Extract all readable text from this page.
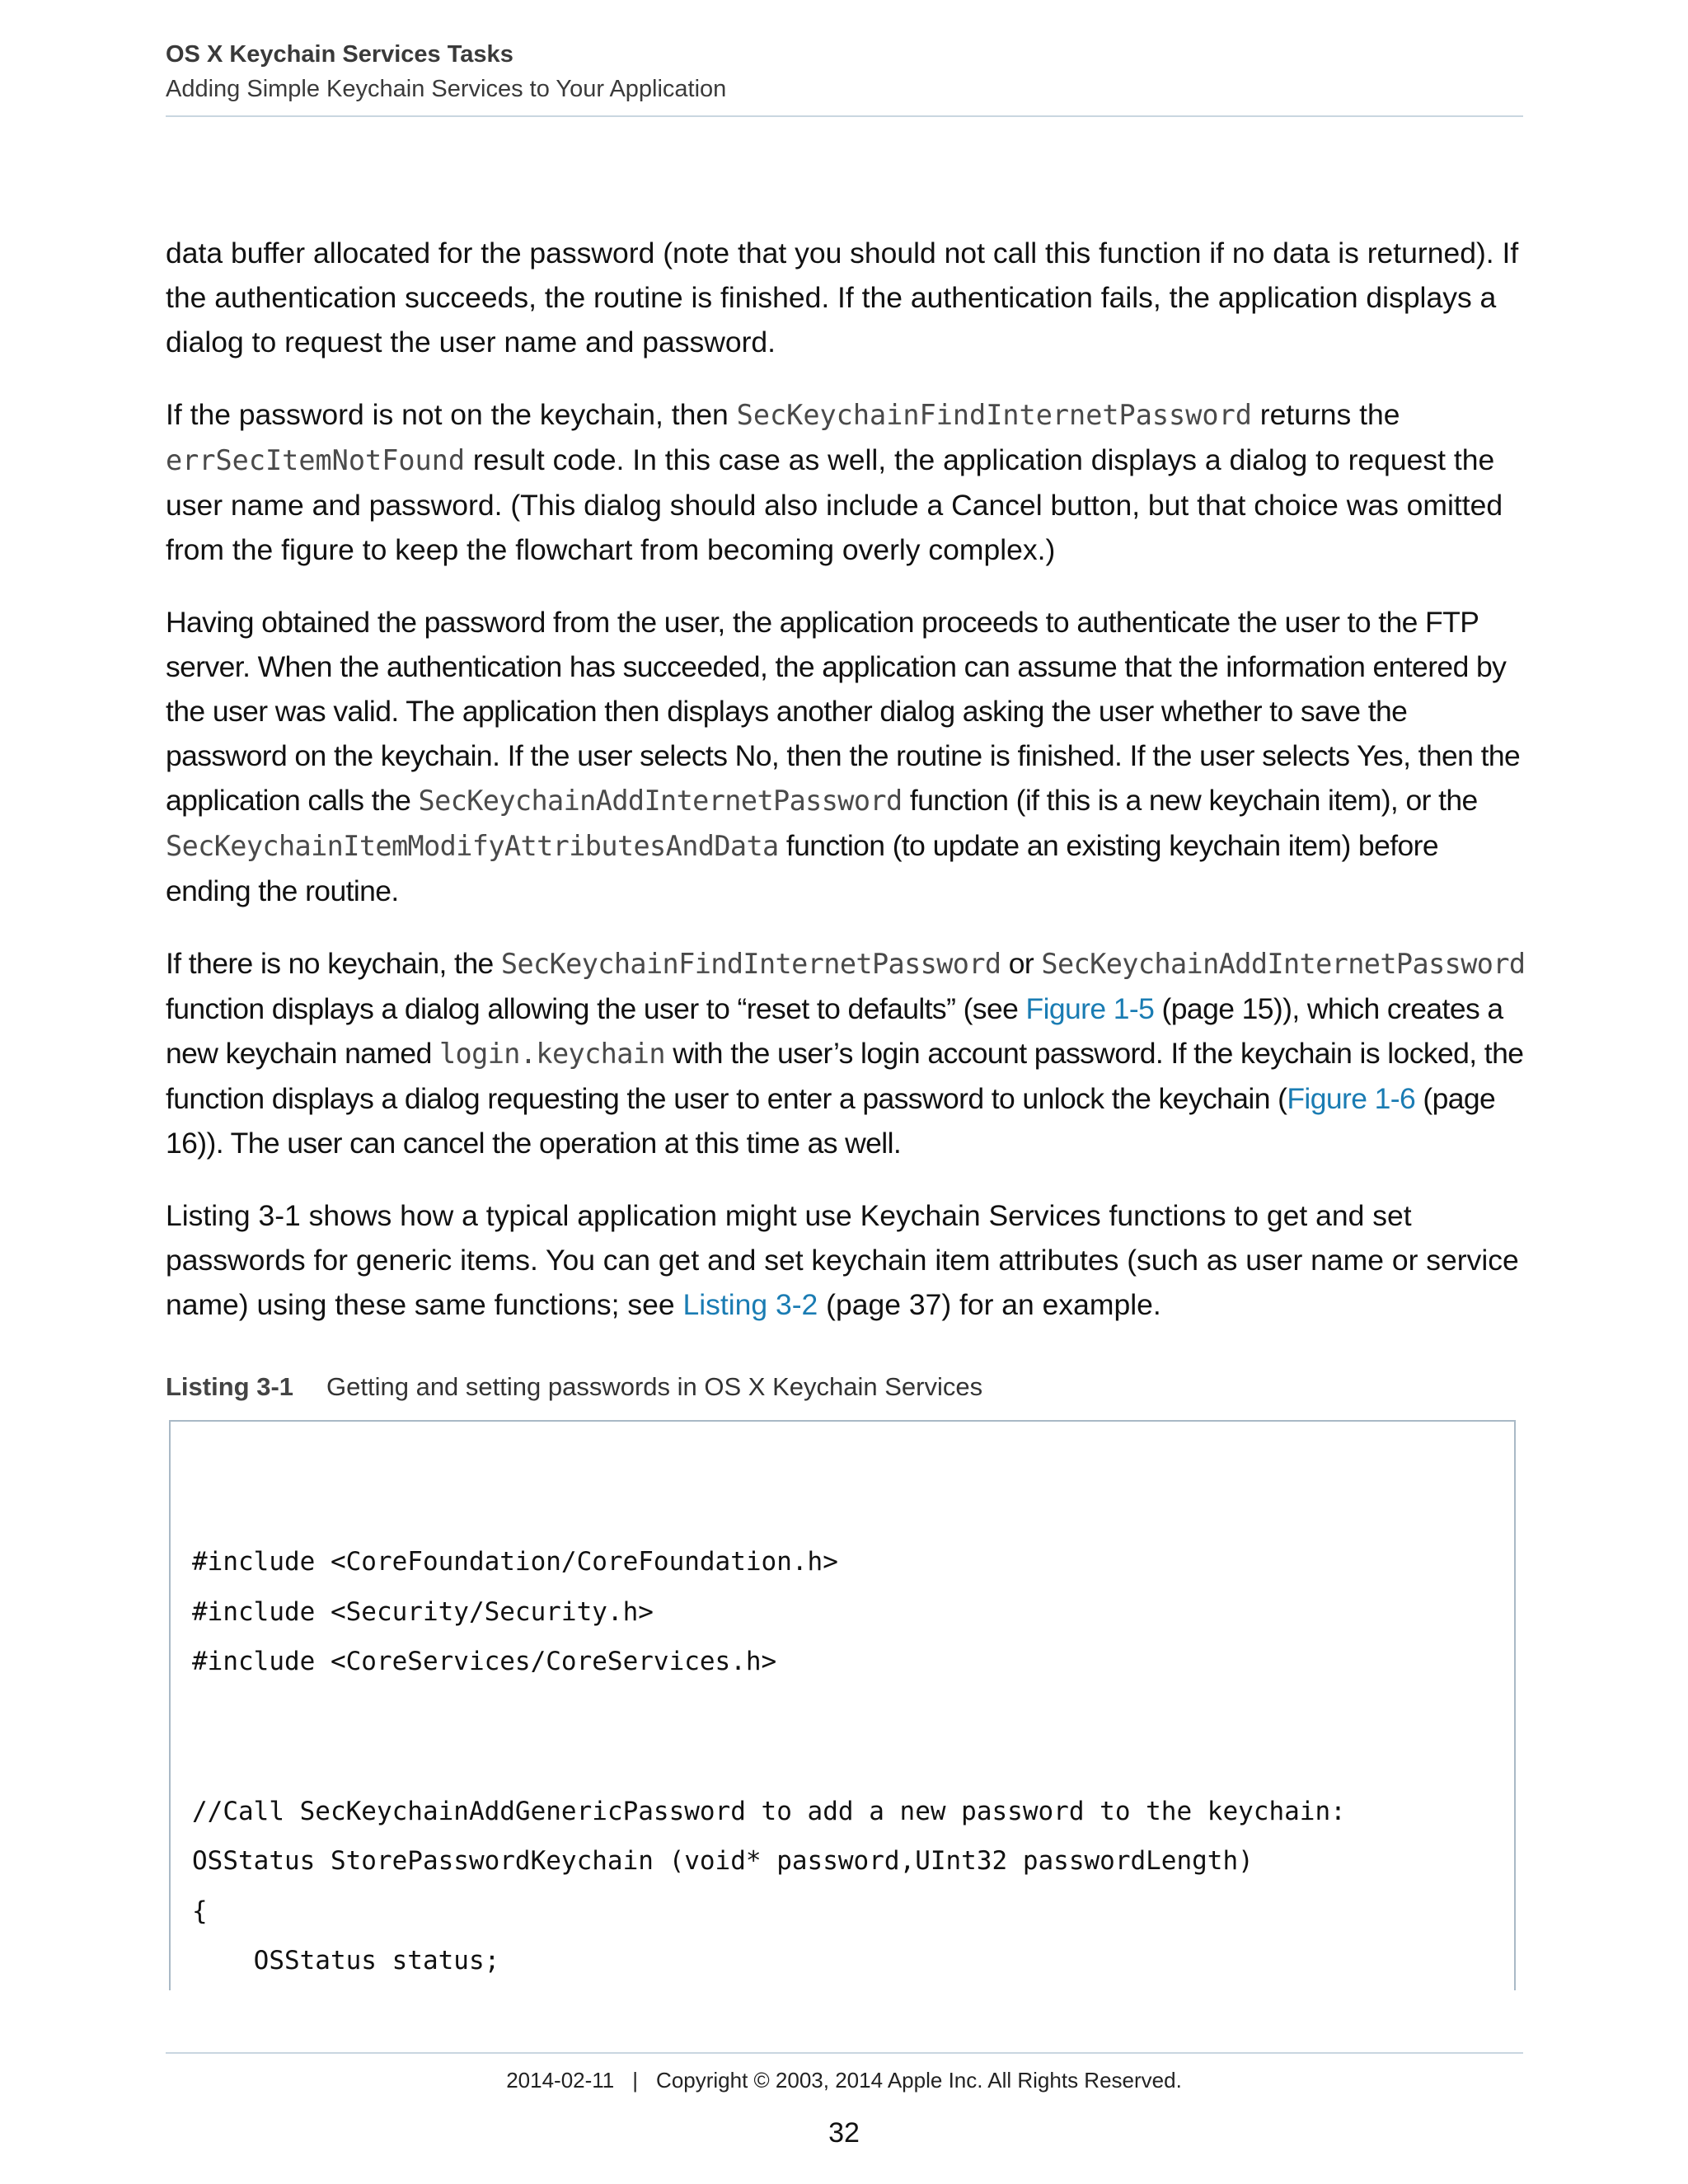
OS X Keychain Services Tasks
Adding Simple Keychain Services to Your Application

data buffer allocated for the password (note that you should not call this function if no data is returned). If the authentication succeeds, the routine is finished. If the authentication fails, the application displays a dialog to request the user name and password.

If the password is not on the keychain, then SecKeychainFindInternetPassword returns the errSecItemNotFound result code. In this case as well, the application displays a dialog to request the user name and password. (This dialog should also include a Cancel button, but that choice was omitted from the figure to keep the flowchart from becoming overly complex.)

Having obtained the password from the user, the application proceeds to authenticate the user to the FTP server. When the authentication has succeeded, the application can assume that the information entered by the user was valid. The application then displays another dialog asking the user whether to save the password on the keychain. If the user selects No, then the routine is finished. If the user selects Yes, then the application calls the SecKeychainAddInternetPassword function (if this is a new keychain item), or the SecKeychainItemModifyAttributesAndData function (to update an existing keychain item) before ending the routine.

If there is no keychain, the SecKeychainFindInternetPassword or SecKeychainAddInternetPassword function displays a dialog allowing the user to “reset to defaults” (see Figure 1-5 (page 15)), which creates a new keychain named login.keychain with the user’s login account password. If the keychain is locked, the function displays a dialog requesting the user to enter a password to unlock the keychain (Figure 1-6 (page 16)). The user can cancel the operation at this time as well.

Listing 3-1 shows how a typical application might use Keychain Services functions to get and set passwords for generic items. You can get and set keychain item attributes (such as user name or service name) using these same functions; see Listing 3-2 (page 37) for an example.

Listing 3-1 Getting and setting passwords in OS X Keychain Services
#include <CoreFoundation/CoreFoundation.h>
#include <Security/Security.h>
#include <CoreServices/CoreServices.h>
//Call SecKeychainAddGenericPassword to add a new password to the keychain:
OSStatus StorePasswordKeychain (void* password,UInt32 passwordLength)
{
OSStatus status;
2014-02-11 | Copyright © 2003, 2014 Apple Inc. All Rights Reserved.
32
